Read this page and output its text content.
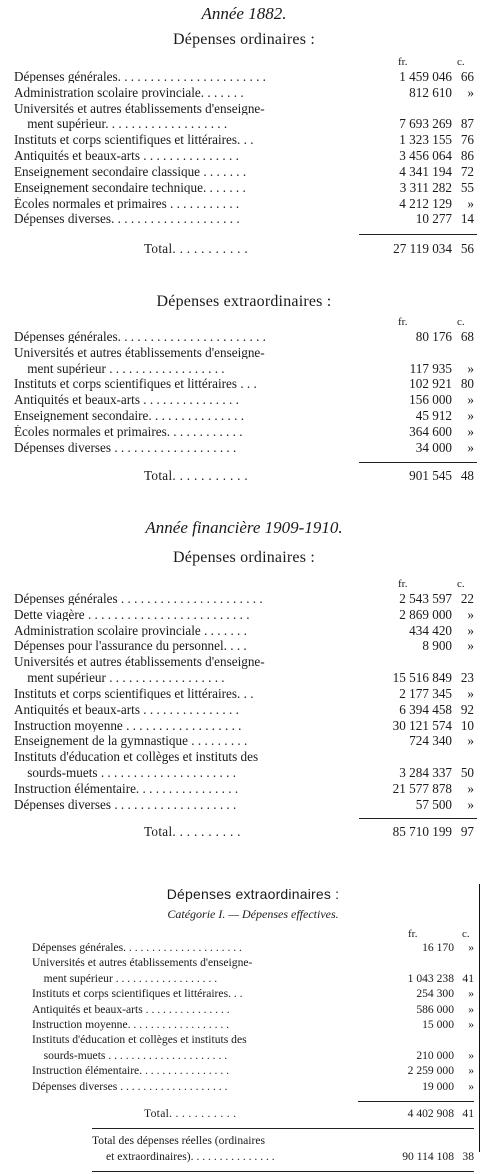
Année 1882.

Dépenses ordinaires :

fr.	c.
Dépenses générales. . . . . . . . . . . . . . . . . . . . . . .	1 459 046 66
Administration scolaire provinciale. . . . . . .	812 610 »
Universités et autres établissements d'enseigne-
ment supérieur. . . . . . . . . . . . . . . . . . .	7 693 269 87
Instituts et corps scientifiques et littéraires. . .	1 323 155 76
Antiquités et beaux-arts . . . . . . . . . . . . . . .	3 456 064 86
Enseignement secondaire classique . . . . . . .	4 341 194 72
Enseignement secondaire technique. . . . . . .	3 311 282 55
Écoles normales et primaires . . . . . . . . . . .	4 212 129 »
Dépenses diverses. . . . . . . . . . . . . . . . . . . .	10 277 14
Total. . . . . . . . . . .	27 119 034 56

Dépenses extraordinaires :

fr.	c.
Dépenses générales. . . . . . . . . . . . . . . . . . . . . . .	80 176 68
Universités et autres établissements d'enseigne-
ment supérieur . . . . . . . . . . . . . . . . . .	117 935 »
Instituts et corps scientifiques et littéraires . . .	102 921 80
Antiquités et beaux-arts . . . . . . . . . . . . . . .	156 000 »
Enseignement secondaire. . . . . . . . . . . . . . .	45 912 »
Écoles normales et primaires. . . . . . . . . . . .	364 600 »
Dépenses diverses . . . . . . . . . . . . . . . . . . .	34 000 »
Total. . . . . . . . . . .	901 545 48

Année financière 1909-1910.

Dépenses ordinaires :

fr.	c.
Dépenses générales . . . . . . . . . . . . . . . . . . . . . .	2 543 597 22
Dette viagère . . . . . . . . . . . . . . . . . . . . . . . . .	2 869 000 »
Administration scolaire provinciale . . . . . . .	434 420 »
Dépenses pour l'assurance du personnel. . . .	8 900 »
Universités et autres établissements d'enseigne-
ment supérieur . . . . . . . . . . . . . . . . . .	15 516 849 23
Instituts et corps scientifiques et littéraires. . .	2 177 345 »
Antiquités et beaux-arts . . . . . . . . . . . . . . .	6 394 458 92
Instruction moyenne . . . . . . . . . . . . . . . . . .	30 121 574 10
Enseignement de la gymnastique . . . . . . . . .	724 340 »
Instituts d'éducation et collèges et instituts des
sourds-muets . . . . . . . . . . . . . . . . . . . . .	3 284 337 50
Instruction élémentaire. . . . . . . . . . . . . . . .	21 577 878 »
Dépenses diverses . . . . . . . . . . . . . . . . . . .	57 500 »
Total. . . . . . . . . .	85 710 199 97

Dépenses extraordinaires :

Catégorie I. — Dépenses effectives.

fr.	c.
Dépenses générales. . . . . . . . . . . . . . . . . . . . .	16 170 »
Universités et autres établissements d'enseigne-
ment supérieur . . . . . . . . . . . . . . . . . .	1 043 238 41
Instituts et corps scientifiques et littéraires. . .	254 300 »
Antiquités et beaux-arts . . . . . . . . . . . . . . .	586 000 »
Instruction moyenne. . . . . . . . . . . . . . . . . .	15 000 »
Instituts d'éducation et collèges et instituts des
sourds-muets . . . . . . . . . . . . . . . . . . . . .	210 000 »
Instruction élémentaire. . . . . . . . . . . . . . . .	2 259 000 »
Dépenses diverses . . . . . . . . . . . . . . . . . . .	19 000 »
Total. . . . . . . . . . .	4 402 908 41
Total des dépenses réelles (ordinaires
et extraordinaires). . . . . . . . . . . . . . .	90 114 108 38
